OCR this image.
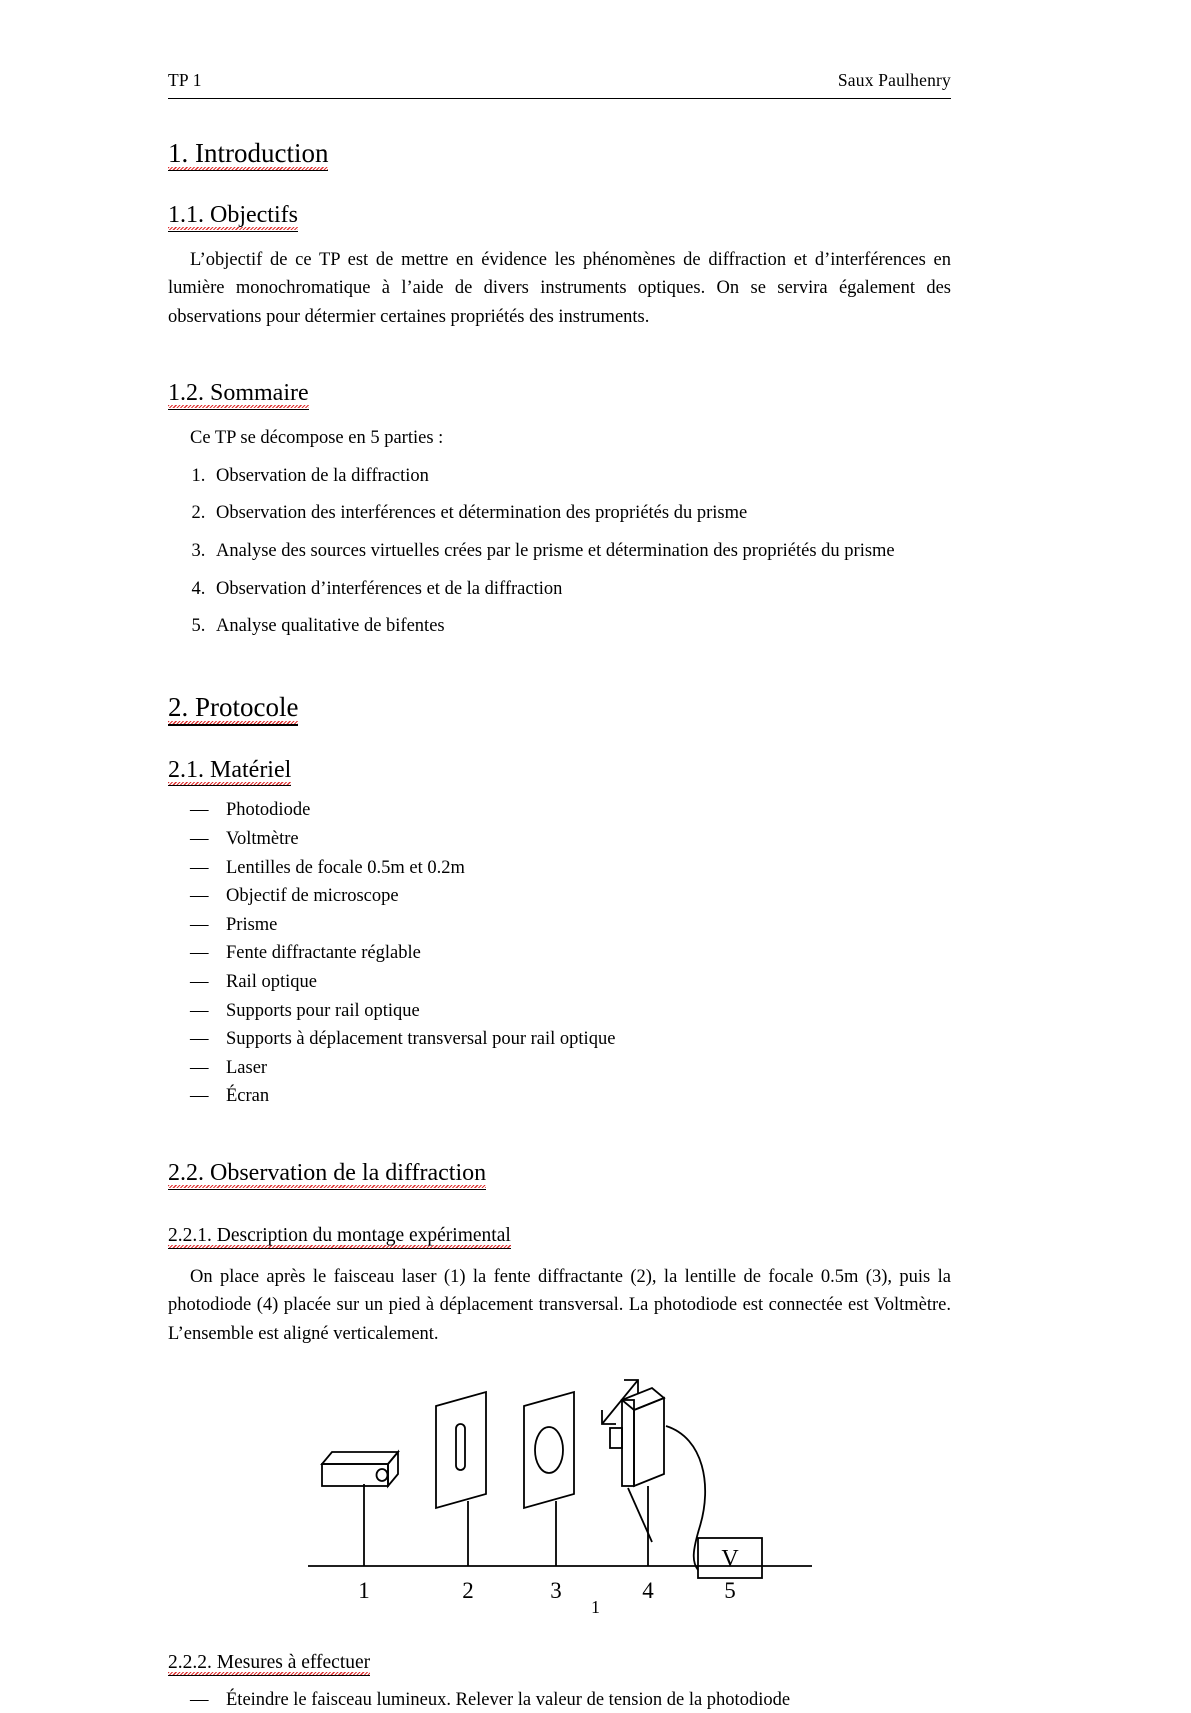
TP 1	Saux Paulhenry
1. Introduction
1.1. Objectifs

L’objectif de ce TP est de mettre en évidence les phénomènes de diffraction et d’interférences en lumière monochromatique à l’aide de divers instruments optiques. On se servira également des observations pour détermier certaines propriétés des instruments.

1.2. Sommaire

Ce TP se décompose en 5 parties :

1. Observation de la diffraction
2. Observation des interférences et détermination des propriétés du prisme
3. Analyse des sources virtuelles crées par le prisme et détermination des propriétés du prisme
4. Observation d’interférences et de la diffraction
5. Analyse qualitative de bifentes
2. Protocole
2.1. Matériel
— Photodiode
— Voltmètre
— Lentilles de focale 0.5m et 0.2m
— Objectif de microscope
— Prisme
— Fente diffractante réglable
— Rail optique
— Supports pour rail optique
— Supports à déplacement transversal pour rail optique
— Laser
— Écran
2.2. Observation de la diffraction
2.2.1. Description du montage expérimental

On place après le faisceau laser (1) la fente diffractante (2), la lentille de focale 0.5m (3), puis la photodiode (4) placée sur un pied à déplacement transversal. La photodiode est connectée est Voltmètre. L’ensemble est aligné verticalement.

V
1	2	3	4	5
2.2.2. Mesures à effectuer
— Éteindre le faisceau lumineux. Relever la valeur de tension de la photodiode
1
